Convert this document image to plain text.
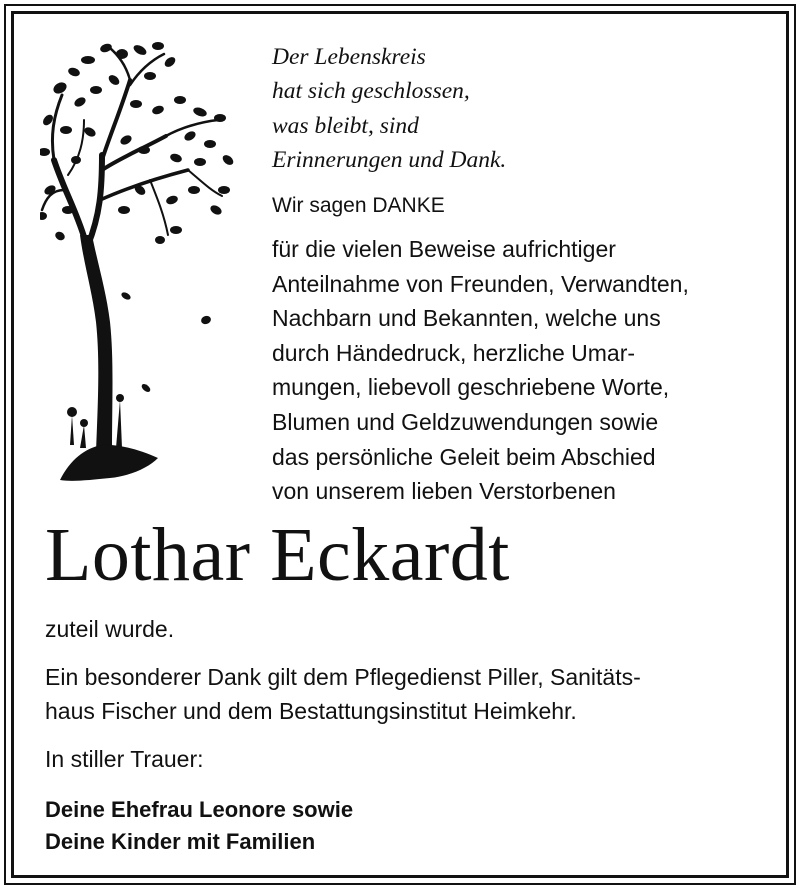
Der Lebenskreis
hat sich geschlossen,
was bleibt, sind
Erinnerungen und Dank.
Wir sagen DANKE
für die vielen Beweise aufrichtiger
Anteilnahme von Freunden, Verwandten,
Nachbarn und Bekannten, welche uns
durch Händedruck, herzliche Umar-
mungen, liebevoll geschriebene Worte,
Blumen und Geldzuwendungen sowie
das persönliche Geleit beim Abschied
von unserem lieben Verstorbenen
Lothar Eckardt
zuteil wurde.
Ein besonderer Dank gilt dem Pflegedienst Piller, Sanitäts-
haus Fischer und dem Bestattungsinstitut Heimkehr.
In stiller Trauer:
Deine Ehefrau Leonore sowie
Deine Kinder mit Familien
